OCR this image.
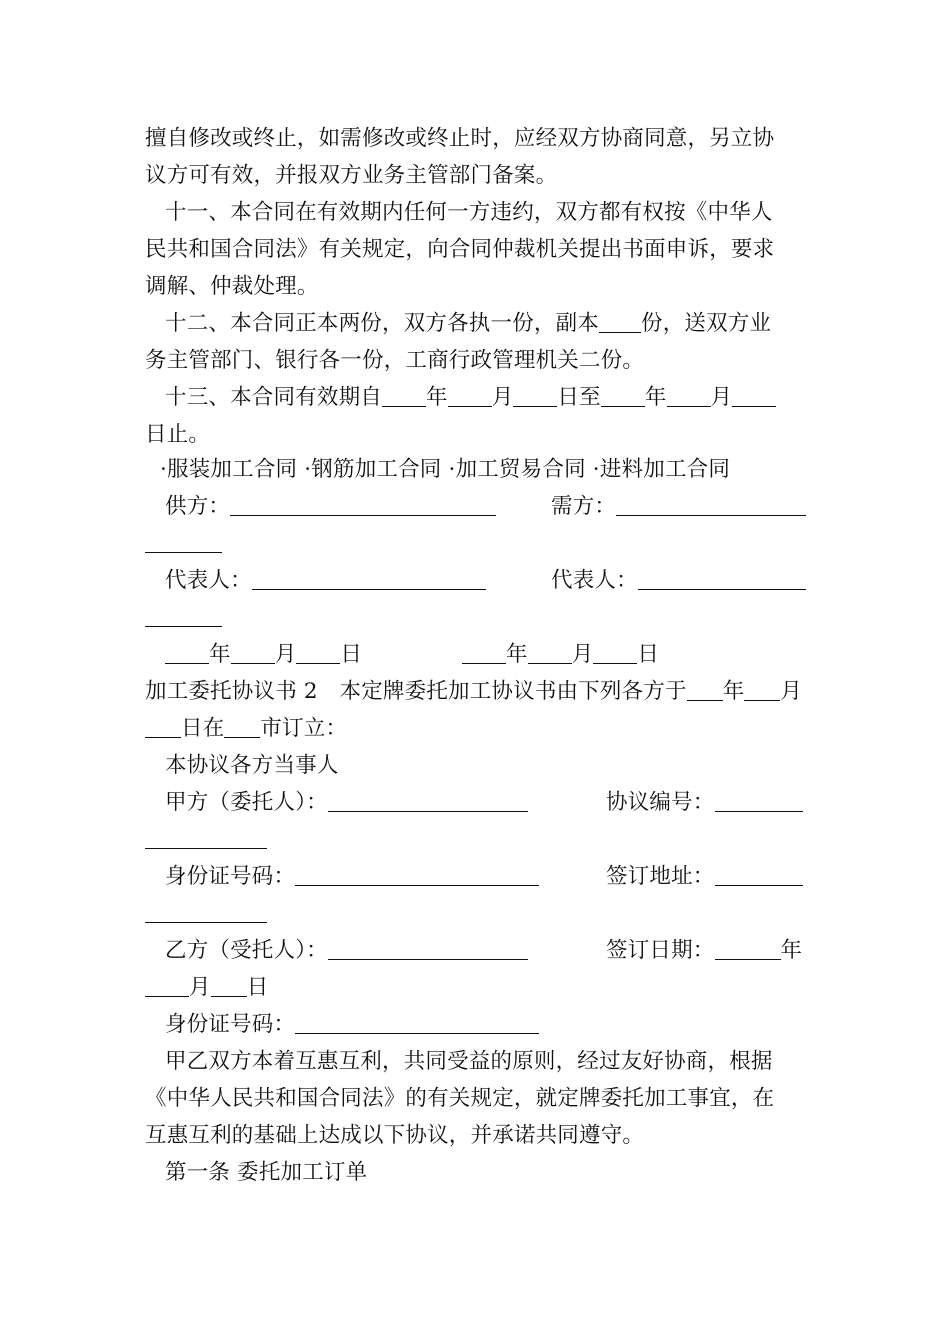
擅自修改或终止，如需修改或终止时，应经双方协商同意，另立协
议方可有效，并报双方业务主管部门备案。
十一、本合同在有效期内任何一方违约，双方都有权按《中华人
民共和国合同法》有关规定，向合同仲裁机关提出书面申诉，要求
调解、仲裁处理。
十二、本合同正本两份，双方各执一份，副本 份，送双方业
务主管部门、银行各一份，工商行政管理机关二份。
十三、本合同有效期自 年 月 日至 年 月
日止。
·服装加工合同 ·钢筋加工合同 ·加工贸易合同 ·进料加工合同
供方：	需方：
代表人：	代表人：
年 月 日	年 月 日
加工委托协议书 2　本定牌委托加工协议书由下列各方于 年 月
日在 市订立：
本协议各方当事人
甲方（委托人）：	协议编号：
身份证号码：	签订地址：
乙方（受托人）：	签订日期：	年
月 日
身份证号码：
甲乙双方本着互惠互利，共同受益的原则，经过友好协商，根据
《中华人民共和国合同法》的有关规定，就定牌委托加工事宜，在
互惠互利的基础上达成以下协议，并承诺共同遵守。
第一条 委托加工订单
